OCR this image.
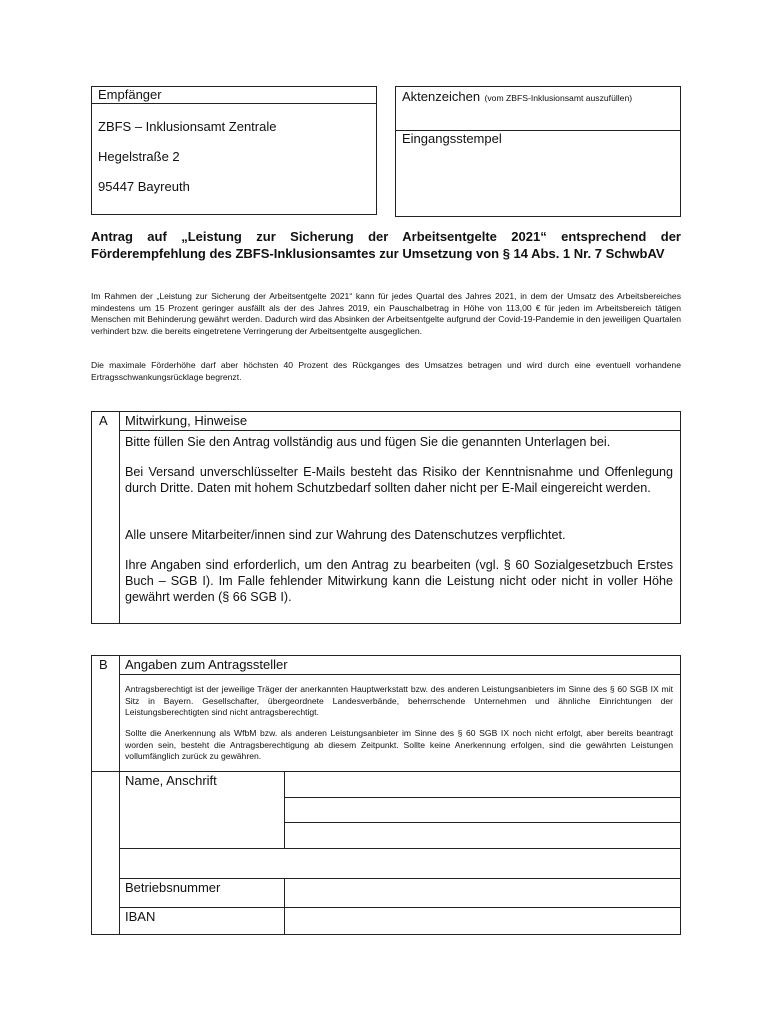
Empfänger
ZBFS – Inklusionsamt Zentrale
Hegelstraße 2
95447 Bayreuth
Aktenzeichen (vom ZBFS-Inklusionsamt auszufüllen)
Eingangsstempel
Antrag auf „Leistung zur Sicherung der Arbeitsentgelte 2021“ entsprechend der Förderempfehlung des ZBFS-Inklusionsamtes zur Umsetzung von § 14 Abs. 1 Nr. 7 SchwbAV
Im Rahmen der „Leistung zur Sicherung der Arbeitsentgelte 2021“ kann für jedes Quartal des Jahres 2021, in dem der Umsatz des Arbeitsbereiches mindestens um 15 Prozent geringer ausfällt als der des Jahres 2019, ein Pauschalbetrag in Höhe von 113,00 € für jeden im Arbeitsbereich tätigen Menschen mit Behinderung gewährt werden. Dadurch wird das Absinken der Arbeitsentgelte aufgrund der Covid-19-Pandemie in den jeweiligen Quartalen verhindert bzw. die bereits eingetretene Verringerung der Arbeitsentgelte ausgeglichen.
Die maximale Förderhöhe darf aber höchsten 40 Prozent des Rückganges des Umsatzes betragen und wird durch eine eventuell vorhandene Ertragsschwankungsrücklage begrenzt.
A Mitwirkung, Hinweise
Bitte füllen Sie den Antrag vollständig aus und fügen Sie die genannten Unterlagen bei.
Bei Versand unverschlüsselter E-Mails besteht das Risiko der Kenntnisnahme und Offenlegung durch Dritte. Daten mit hohem Schutzbedarf sollten daher nicht per E-Mail eingereicht werden.
Alle unsere Mitarbeiter/innen sind zur Wahrung des Datenschutzes verpflichtet.
Ihre Angaben sind erforderlich, um den Antrag zu bearbeiten (vgl. § 60 Sozialgesetzbuch Erstes Buch – SGB I). Im Falle fehlender Mitwirkung kann die Leistung nicht oder nicht in voller Höhe gewährt werden (§ 66 SGB I).
B Angaben zum Antragssteller
Antragsberechtigt ist der jeweilige Träger der anerkannten Hauptwerkstatt bzw. des anderen Leistungsanbieters im Sinne des § 60 SGB IX mit Sitz in Bayern. Gesellschafter, übergeordnete Landesverbände, beherrschende Unternehmen und ähnliche Einrichtungen der Leistungsberechtigten sind nicht antragsberechtigt.
Sollte die Anerkennung als WfbM bzw. als anderen Leistungsanbieter im Sinne des § 60 SGB IX noch nicht erfolgt, aber bereits beantragt worden sein, besteht die Antragsberechtigung ab diesem Zeitpunkt. Sollte keine Anerkennung erfolgen, sind die gewährten Leistungen vollumfänglich zurück zu gewähren.
Name, Anschrift
Betriebsnummer
IBAN
